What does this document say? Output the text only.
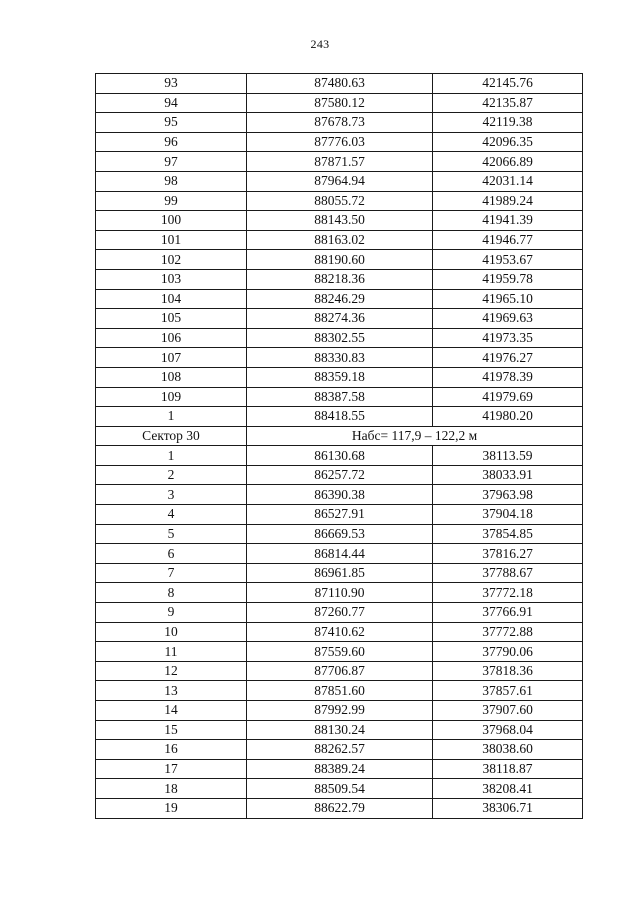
243
93	87480.63	42145.76
94	87580.12	42135.87
95	87678.73	42119.38
96	87776.03	42096.35
97	87871.57	42066.89
98	87964.94	42031.14
99	88055.72	41989.24
100	88143.50	41941.39
101	88163.02	41946.77
102	88190.60	41953.67
103	88218.36	41959.78
104	88246.29	41965.10
105	88274.36	41969.63
106	88302.55	41973.35
107	88330.83	41976.27
108	88359.18	41978.39
109	88387.58	41979.69
1	88418.55	41980.20
Сектор 30	Набс= 117,9 – 122,2 м	
1	86130.68	38113.59
2	86257.72	38033.91
3	86390.38	37963.98
4	86527.91	37904.18
5	86669.53	37854.85
6	86814.44	37816.27
7	86961.85	37788.67
8	87110.90	37772.18
9	87260.77	37766.91
10	87410.62	37772.88
11	87559.60	37790.06
12	87706.87	37818.36
13	87851.60	37857.61
14	87992.99	37907.60
15	88130.24	37968.04
16	88262.57	38038.60
17	88389.24	38118.87
18	88509.54	38208.41
19	88622.79	38306.71
